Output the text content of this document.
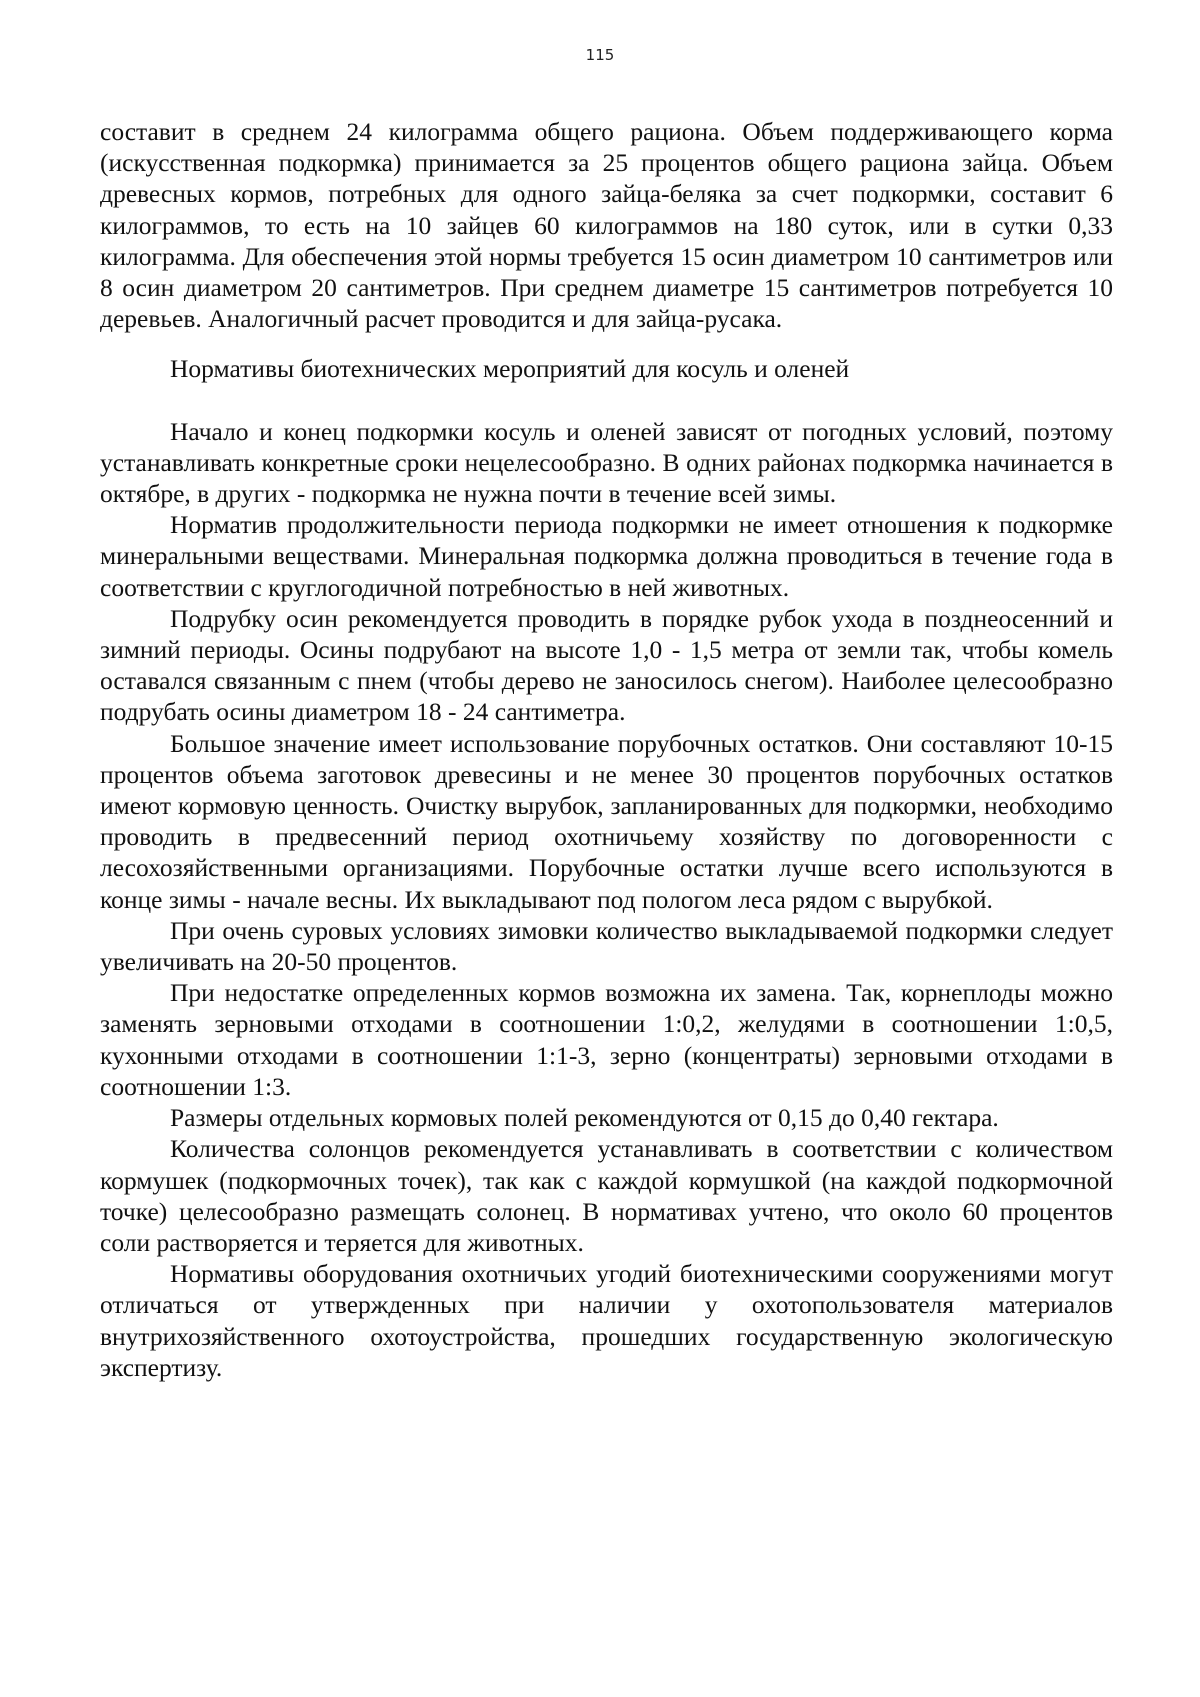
115

составит в среднем 24 килограмма общего рациона. Объем поддерживающего корма (искусственная подкормка) принимается за 25 процентов общего рациона зайца. Объем древесных кормов, потребных для одного зайца-беляка за счет подкормки, составит 6 килограммов, то есть на 10 зайцев 60 килограммов на 180 суток, или в сутки 0,33 килограмма. Для обеспечения этой нормы требуется 15 осин диаметром 10 сантиметров или 8 осин диаметром 20 сантиметров. При среднем диаметре 15 сантиметров потребуется 10 деревьев. Аналогичный расчет проводится и для зайца-русака.

Нормативы биотехнических мероприятий для косуль и оленей

Начало и конец подкормки косуль и оленей зависят от погодных условий, поэтому устанавливать конкретные сроки нецелесообразно. В одних районах подкормка начинается в октябре, в других - подкормка не нужна почти в течение всей зимы.

Норматив продолжительности периода подкормки не имеет отношения к подкормке минеральными веществами. Минеральная подкормка должна проводиться в течение года в соответствии с круглогодичной потребностью в ней животных.

Подрубку осин рекомендуется проводить в порядке рубок ухода в позднеосенний и зимний периоды. Осины подрубают на высоте 1,0 - 1,5 метра от земли так, чтобы комель оставался связанным с пнем (чтобы дерево не заносилось снегом). Наиболее целесообразно подрубать осины диаметром 18 - 24 сантиметра.

Большое значение имеет использование порубочных остатков. Они составляют 10-15 процентов объема заготовок древесины и не менее 30 процентов порубочных остатков имеют кормовую ценность. Очистку вырубок, запланированных для подкормки, необходимо проводить в предвесенний период охотничьему хозяйству по договоренности с лесохозяйственными организациями. Порубочные остатки лучше всего используются в конце зимы - начале весны. Их выкладывают под пологом леса рядом с вырубкой.

При очень суровых условиях зимовки количество выкладываемой подкормки следует увеличивать на 20-50 процентов.

При недостатке определенных кормов возможна их замена. Так, корнеплоды можно заменять зерновыми отходами в соотношении 1:0,2, желудями в соотношении 1:0,5, кухонными отходами в соотношении 1:1-3, зерно (концентраты) зерновыми отходами в соотношении 1:3.

Размеры отдельных кормовых полей рекомендуются от 0,15 до 0,40 гектара.

Количества солонцов рекомендуется устанавливать в соответствии с количеством кормушек (подкормочных точек), так как с каждой кормушкой (на каждой подкормочной точке) целесообразно размещать солонец. В нормативах учтено, что около 60 процентов соли растворяется и теряется для животных.

Нормативы оборудования охотничьих угодий биотехническими сооружениями могут отличаться от утвержденных при наличии у охотопользователя материалов внутрихозяйственного охотоустройства, прошедших государственную экологическую экспертизу.
